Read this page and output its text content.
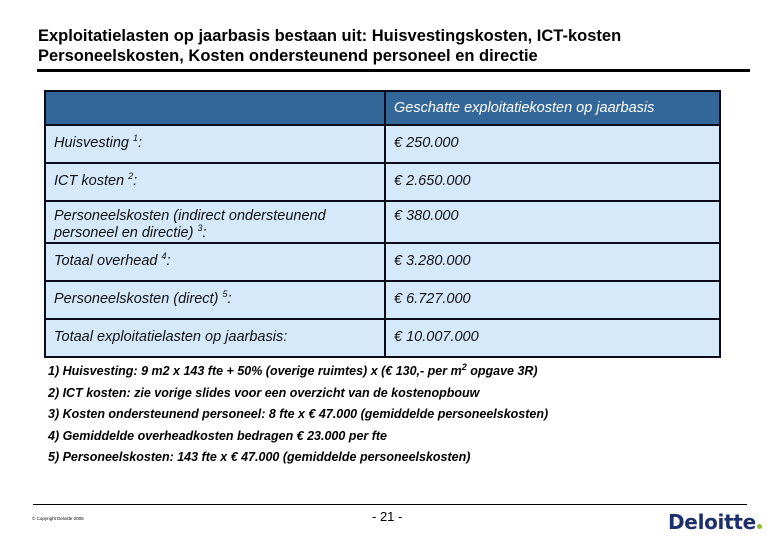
Exploitatielasten op jaarbasis bestaan uit: Huisvestingskosten, ICT-kosten
Personeelskosten, Kosten ondersteunend personeel en directie
	Geschatte exploitatiekosten op jaarbasis
Huisvesting $^1$:	€ 250.000
ICT kosten $^2$:	€ 2.650.000

Personeelskosten (indirect ondersteunend
personeel en directie) $^3$:	€ 380.000
Totaal overhead $^4$:	€ 3.280.000
Personeelskosten (direct) $^5$:	€ 6.727.000
Totaal exploitatielasten op jaarbasis:	€ 10.007.000
1) Huisvesting: 9 m2 x 143 fte + 50% (overige ruimtes) x (€ 130,- per $m^2$ opgave 3R)
2) ICT kosten: zie vorige slides voor een overzicht van de kostenopbouw
3) Kosten ondersteunend personeel: 8 fte x € 47.000 (gemiddelde personeelskosten)
4) Gemiddelde overheadkosten bedragen € 23.000 per fte
5) Personeelskosten: 143 fte x € 47.000 (gemiddelde personeelskosten)
© Copyright Deloitte 2005	- 21 -	Deloitte
